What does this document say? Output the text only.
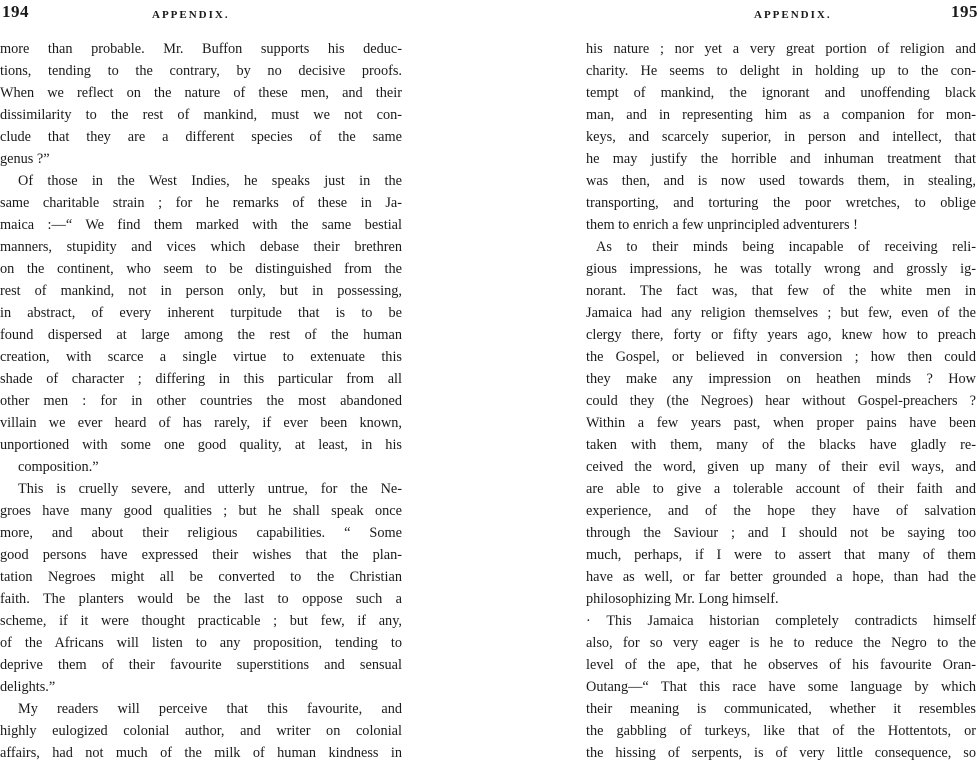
194	APPENDIX.
more than probable. Mr. Buffon supports his deduc-
tions, tending to the contrary, by no decisive proofs.
When we reflect on the nature of these men, and their
dissimilarity to the rest of mankind, must we not con-
clude that they are a different species of the same
genus ?”
Of those in the West Indies, he speaks just in the
same charitable strain ; for he remarks of these in Ja-
maica :—“ We find them marked with the same bestial
manners, stupidity and vices which debase their brethren
on the continent, who seem to be distinguished from the
rest of mankind, not in person only, but in possessing,
in abstract, of every inherent turpitude that is to be
found dispersed at large among the rest of the human
creation, with scarce a single virtue to extenuate this
shade of character ; differing in this particular from all
other men : for in other countries the most abandoned
villain we ever heard of has rarely, if ever been known,
unportioned with some one good quality, at least, in his
composition.”
This is cruelly severe, and utterly untrue, for the Ne-
groes have many good qualities ; but he shall speak once
more, and about their religious capabilities. “ Some
good persons have expressed their wishes that the plan-
tation Negroes might all be converted to the Christian
faith. The planters would be the last to oppose such a
scheme, if it were thought practicable ; but few, if any,
of the Africans will listen to any proposition, tending to
deprive them of their favourite superstitions and sensual
delights.”
My readers will perceive that this favourite, and
highly eulogized colonial author, and writer on colonial
affairs, had not much of the milk of human kindness in
APPENDIX.	195
his nature ; nor yet a very great portion of religion and
charity. He seems to delight in holding up to the con-
tempt of mankind, the ignorant and unoffending black
man, and in representing him as a companion for mon-
keys, and scarcely superior, in person and intellect, that
he may justify the horrible and inhuman treatment that
was then, and is now used towards them, in stealing,
transporting, and torturing the poor wretches, to oblige
them to enrich a few unprincipled adventurers !
As to their minds being incapable of receiving reli-
gious impressions, he was totally wrong and grossly ig-
norant. The fact was, that few of the white men in
Jamaica had any religion themselves ; but few, even of the
clergy there, forty or fifty years ago, knew how to preach
the Gospel, or believed in conversion ; how then could
they make any impression on heathen minds ? How
could they (the Negroes) hear without Gospel-preachers ?
Within a few years past, when proper pains have been
taken with them, many of the blacks have gladly re-
ceived the word, given up many of their evil ways, and
are able to give a tolerable account of their faith and
experience, and of the hope they have of salvation
through the Saviour ; and I should not be saying too
much, perhaps, if I were to assert that many of them
have as well, or far better grounded a hope, than had the
philosophizing Mr. Long himself.
· This Jamaica historian completely contradicts himself
also, for so very eager is he to reduce the Negro to the
level of the ape, that he observes of his favourite Oran-
Outang—“ That this race have some language by which
their meaning is communicated, whether it resembles
the gabbling of turkeys, like that of the Hottentots, or
the hissing of serpents, is of very little consequence, so
